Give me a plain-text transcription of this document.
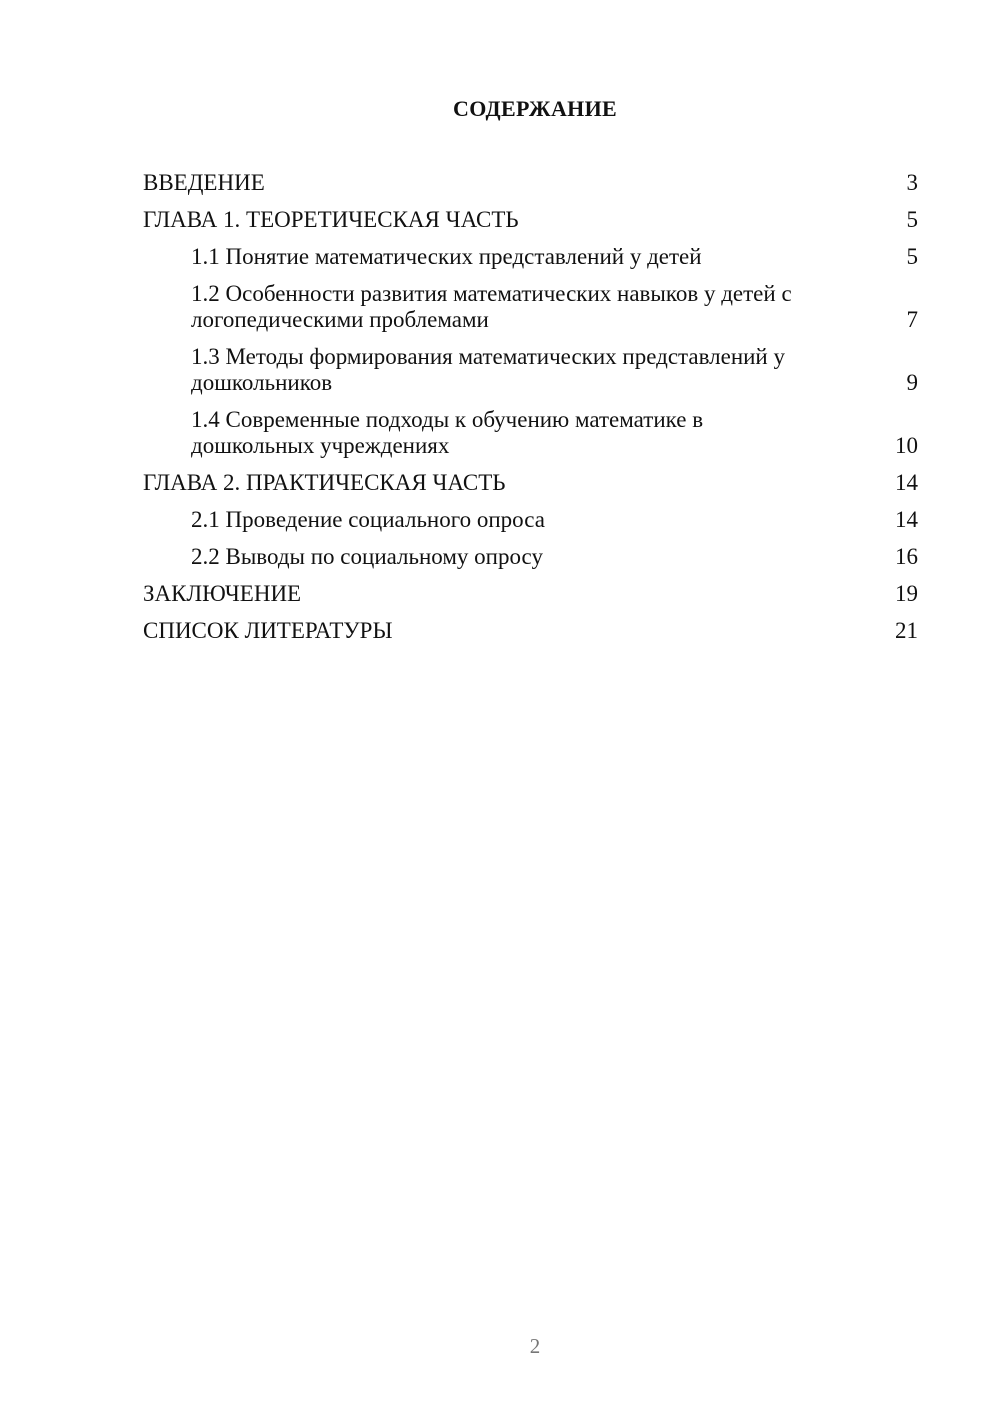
СОДЕРЖАНИЕ
ВВЕДЕНИЕ	3
ГЛАВА 1. ТЕОРЕТИЧЕСКАЯ ЧАСТЬ	5
1.1 Понятие математических представлений у детей	5
1.2 Особенности развития математических навыков у детей с логопедическими проблемами	7
1.3 Методы формирования математических представлений у дошкольников	9
1.4 Современные подходы к обучению математике в дошкольных учреждениях	10
ГЛАВА 2. ПРАКТИЧЕСКАЯ ЧАСТЬ	14
2.1 Проведение социального опроса	14
2.2 Выводы по социальному опросу	16
ЗАКЛЮЧЕНИЕ	19
СПИСОК ЛИТЕРАТУРЫ	21
2
